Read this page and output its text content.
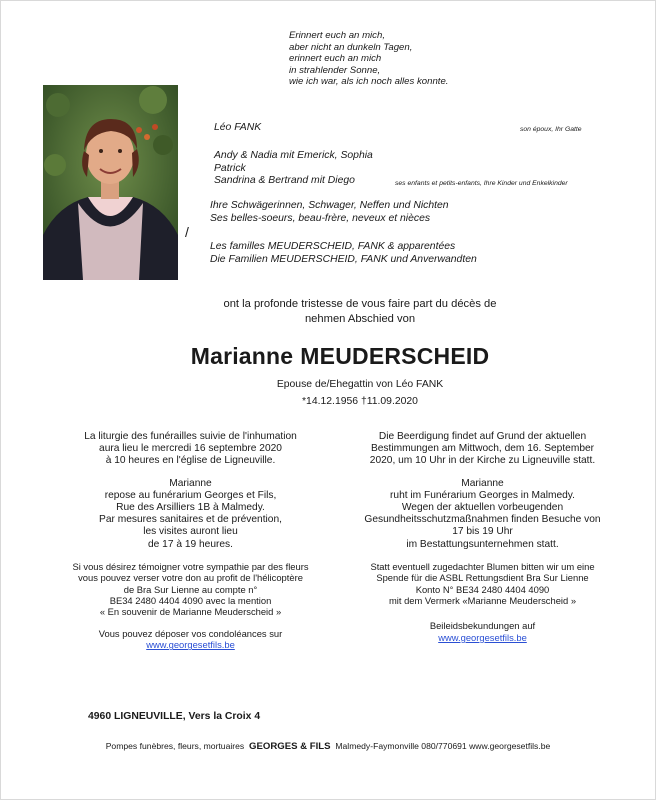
Erinnert euch an mich,
aber nicht an dunkeln Tagen,
erinnert euch an mich
in strahlender Sonne,
wie ich war, als ich noch alles konnte.
Léo FANK	son époux, Ihr Gatte
Andy & Nadia mit Emerick, Sophia
Patrick
Sandrina & Bertrand mit Diego	ses enfants et petits-enfants, Ihre Kinder und Enkelkinder
Ihre Schwägerinnen, Schwager, Neffen und Nichten
Ses belles-soeurs, beau-frère, neveux et nièces
/
Les familles MEUDERSCHEID, FANK & apparentées
Die Familien MEUDERSCHEID, FANK und Anverwandten
ont la profonde tristesse de vous faire part du décès de
nehmen Abschied von
Marianne MEUDERSCHEID
Epouse de/Ehegattin von Léo FANK
*14.12.1956 †11.09.2020

La liturgie des funérailles suivie de l'inhumation
aura lieu le mercredi 16 septembre 2020
à 10 heures en l'église de Ligneuville.

Marianne
repose au funérarium Georges et Fils,
Rue des Arsilliers 1B à Malmedy.
Par mesures sanitaires et de prévention,
les visites auront lieu
de 17 à 19 heures.

Si vous désirez témoigner votre sympathie par des fleurs
vous pouvez verser votre don au profit de l'hélicoptère
de Bra Sur Lienne au compte n°
BE34 2480 4404 4090 avec la mention
« En souvenir de Marianne Meuderscheid »

Vous pouvez déposer vos condoléances sur
www.georgesetfils.be

Die Beerdigung findet auf Grund der aktuellen
Bestimmungen am Mittwoch, dem 16. September
2020, um 10 Uhr in der Kirche zu Ligneuville statt.

Marianne
ruht im Funérarium Georges in Malmedy.
Wegen der aktuellen vorbeugenden
Gesundheitsschutzmaßnahmen finden Besuche von
17 bis 19 Uhr
im Bestattungsunternehmen statt.

Statt eventuell zugedachter Blumen bitten wir um eine
Spende für die ASBL Rettungsdient Bra Sur Lienne
Konto N° BE34 2480 4404 4090
mit dem Vermerk «Marianne Meuderscheid »

Beileidsbekundungen auf
www.georgesetfils.be

4960 LIGNEUVILLE, Vers la Croix 4
Pompes funèbres, fleurs, mortuaires GEORGES & FILS Malmedy-Faymonville 080/770691 www.georgesetfils.be
